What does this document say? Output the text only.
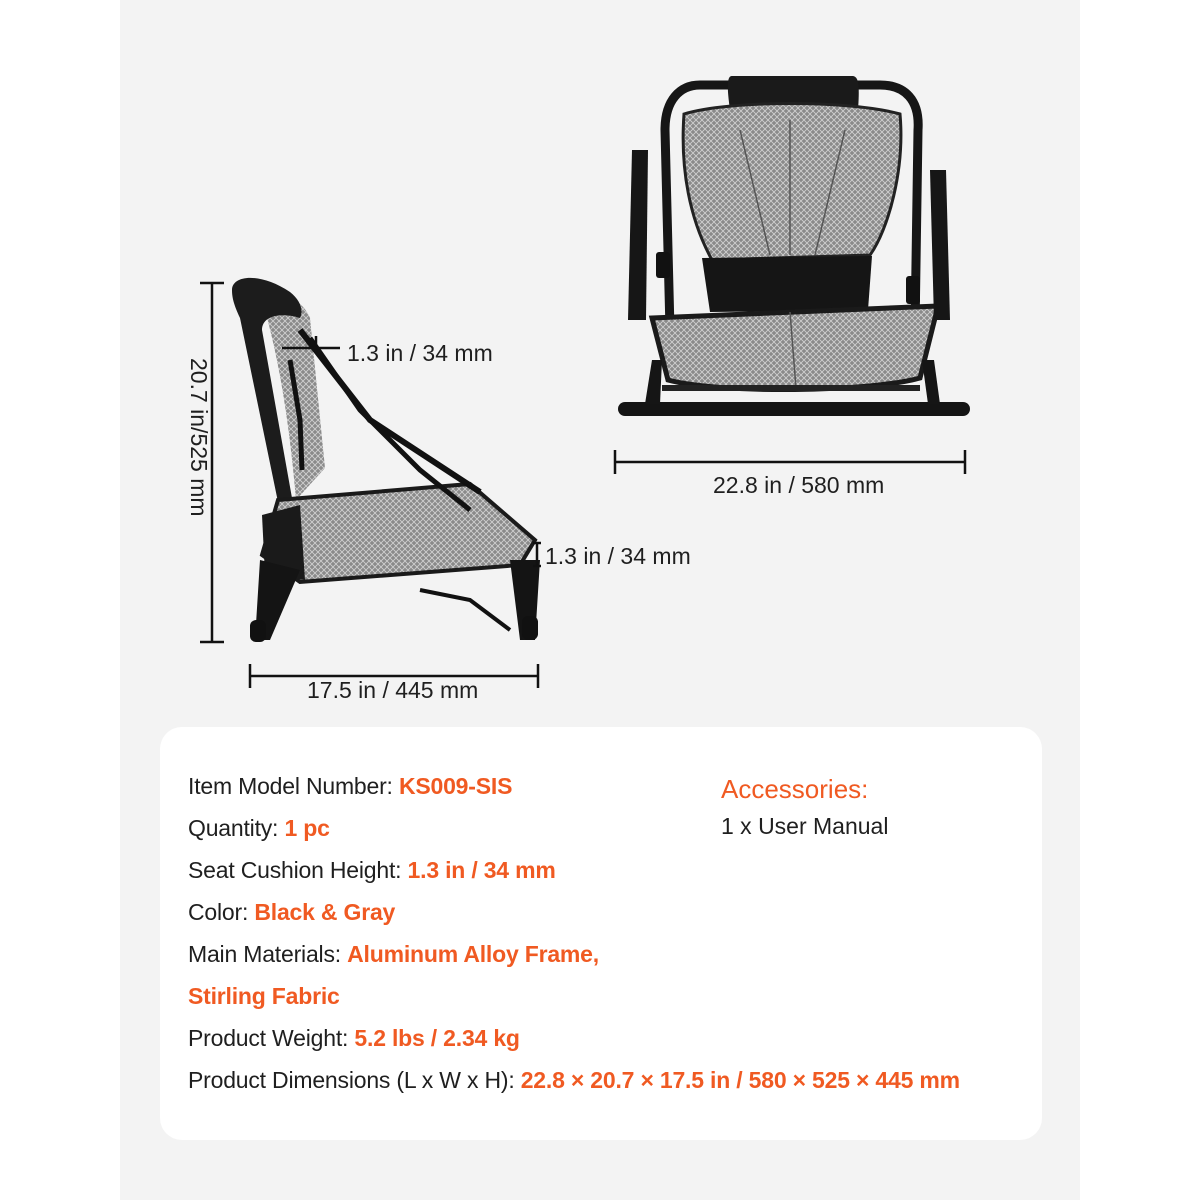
20.7 in/525 mm
1.3 in / 34 mm
1.3 in / 34 mm
17.5 in / 445 mm
22.8 in / 580 mm
Item Model Number: KS009-SIS
Quantity: 1 pc
Seat Cushion Height: 1.3 in / 34 mm
Color: Black & Gray
Main Materials: Aluminum Alloy Frame,
Stirling Fabric
Product Weight: 5.2 lbs / 2.34 kg
Product Dimensions (L x W x H): 22.8 × 20.7 × 17.5 in / 580 × 525 × 445 mm
Accessories:
1 x User Manual
